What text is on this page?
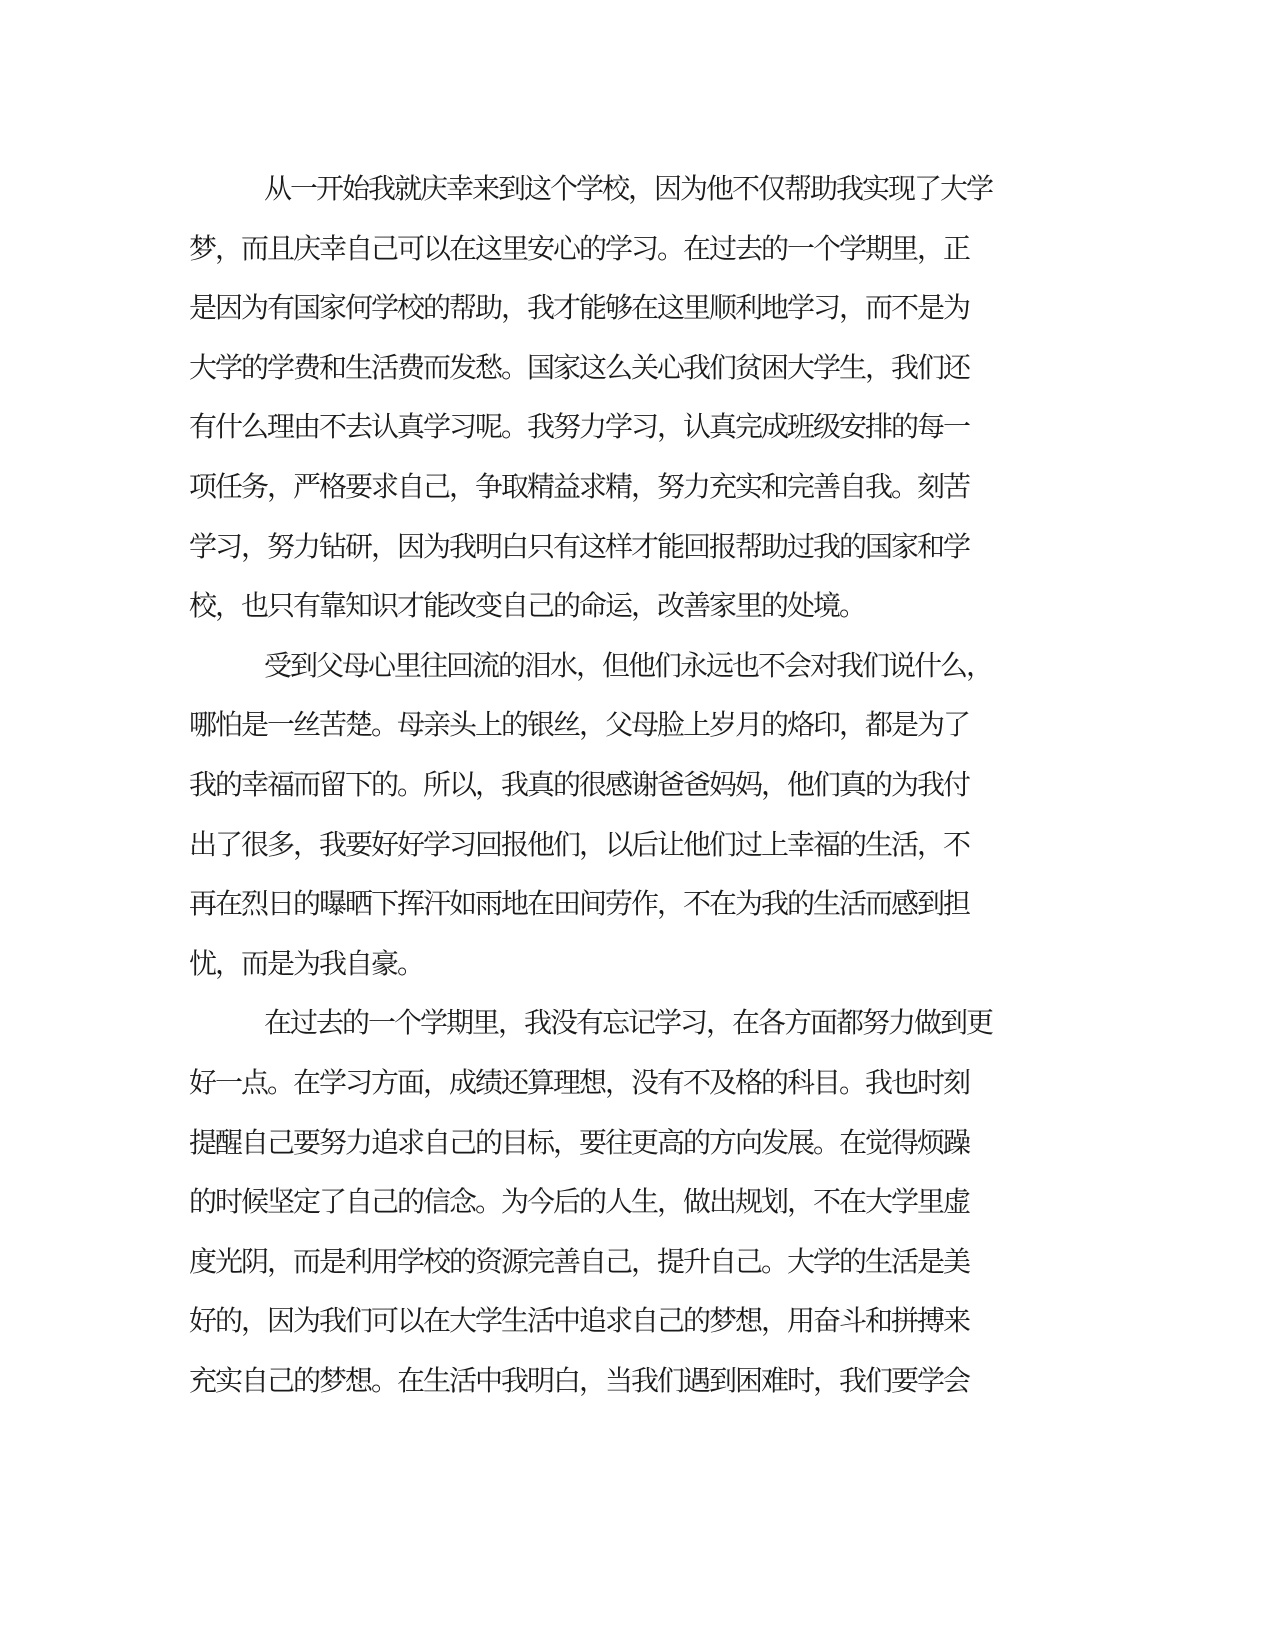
从一开始我就庆幸来到这个学校，因为他不仅帮助我实现了大学
梦，而且庆幸自己可以在这里安心的学习。在过去的一个学期里，正
是因为有国家何学校的帮助，我才能够在这里顺利地学习，而不是为
大学的学费和生活费而发愁。国家这么关心我们贫困大学生，我们还
有什么理由不去认真学习呢。我努力学习，认真完成班级安排的每一
项任务，严格要求自己，争取精益求精，努力充实和完善自我。刻苦
学习，努力钻研，因为我明白只有这样才能回报帮助过我的国家和学
校，也只有靠知识才能改变自己的命运，改善家里的处境。
受到父母心里往回流的泪水，但他们永远也不会对我们说什么，
哪怕是一丝苦楚。母亲头上的银丝，父母脸上岁月的烙印，都是为了
我的幸福而留下的。所以，我真的很感谢爸爸妈妈，他们真的为我付
出了很多，我要好好学习回报他们，以后让他们过上幸福的生活，不
再在烈日的曝晒下挥汗如雨地在田间劳作，不在为我的生活而感到担
忧，而是为我自豪。
在过去的一个学期里，我没有忘记学习，在各方面都努力做到更
好一点。在学习方面，成绩还算理想，没有不及格的科目。我也时刻
提醒自己要努力追求自己的目标，要往更高的方向发展。在觉得烦躁
的时候坚定了自己的信念。为今后的人生，做出规划，不在大学里虚
度光阴，而是利用学校的资源完善自己，提升自己。大学的生活是美
好的，因为我们可以在大学生活中追求自己的梦想，用奋斗和拼搏来
充实自己的梦想。在生活中我明白，当我们遇到困难时，我们要学会
